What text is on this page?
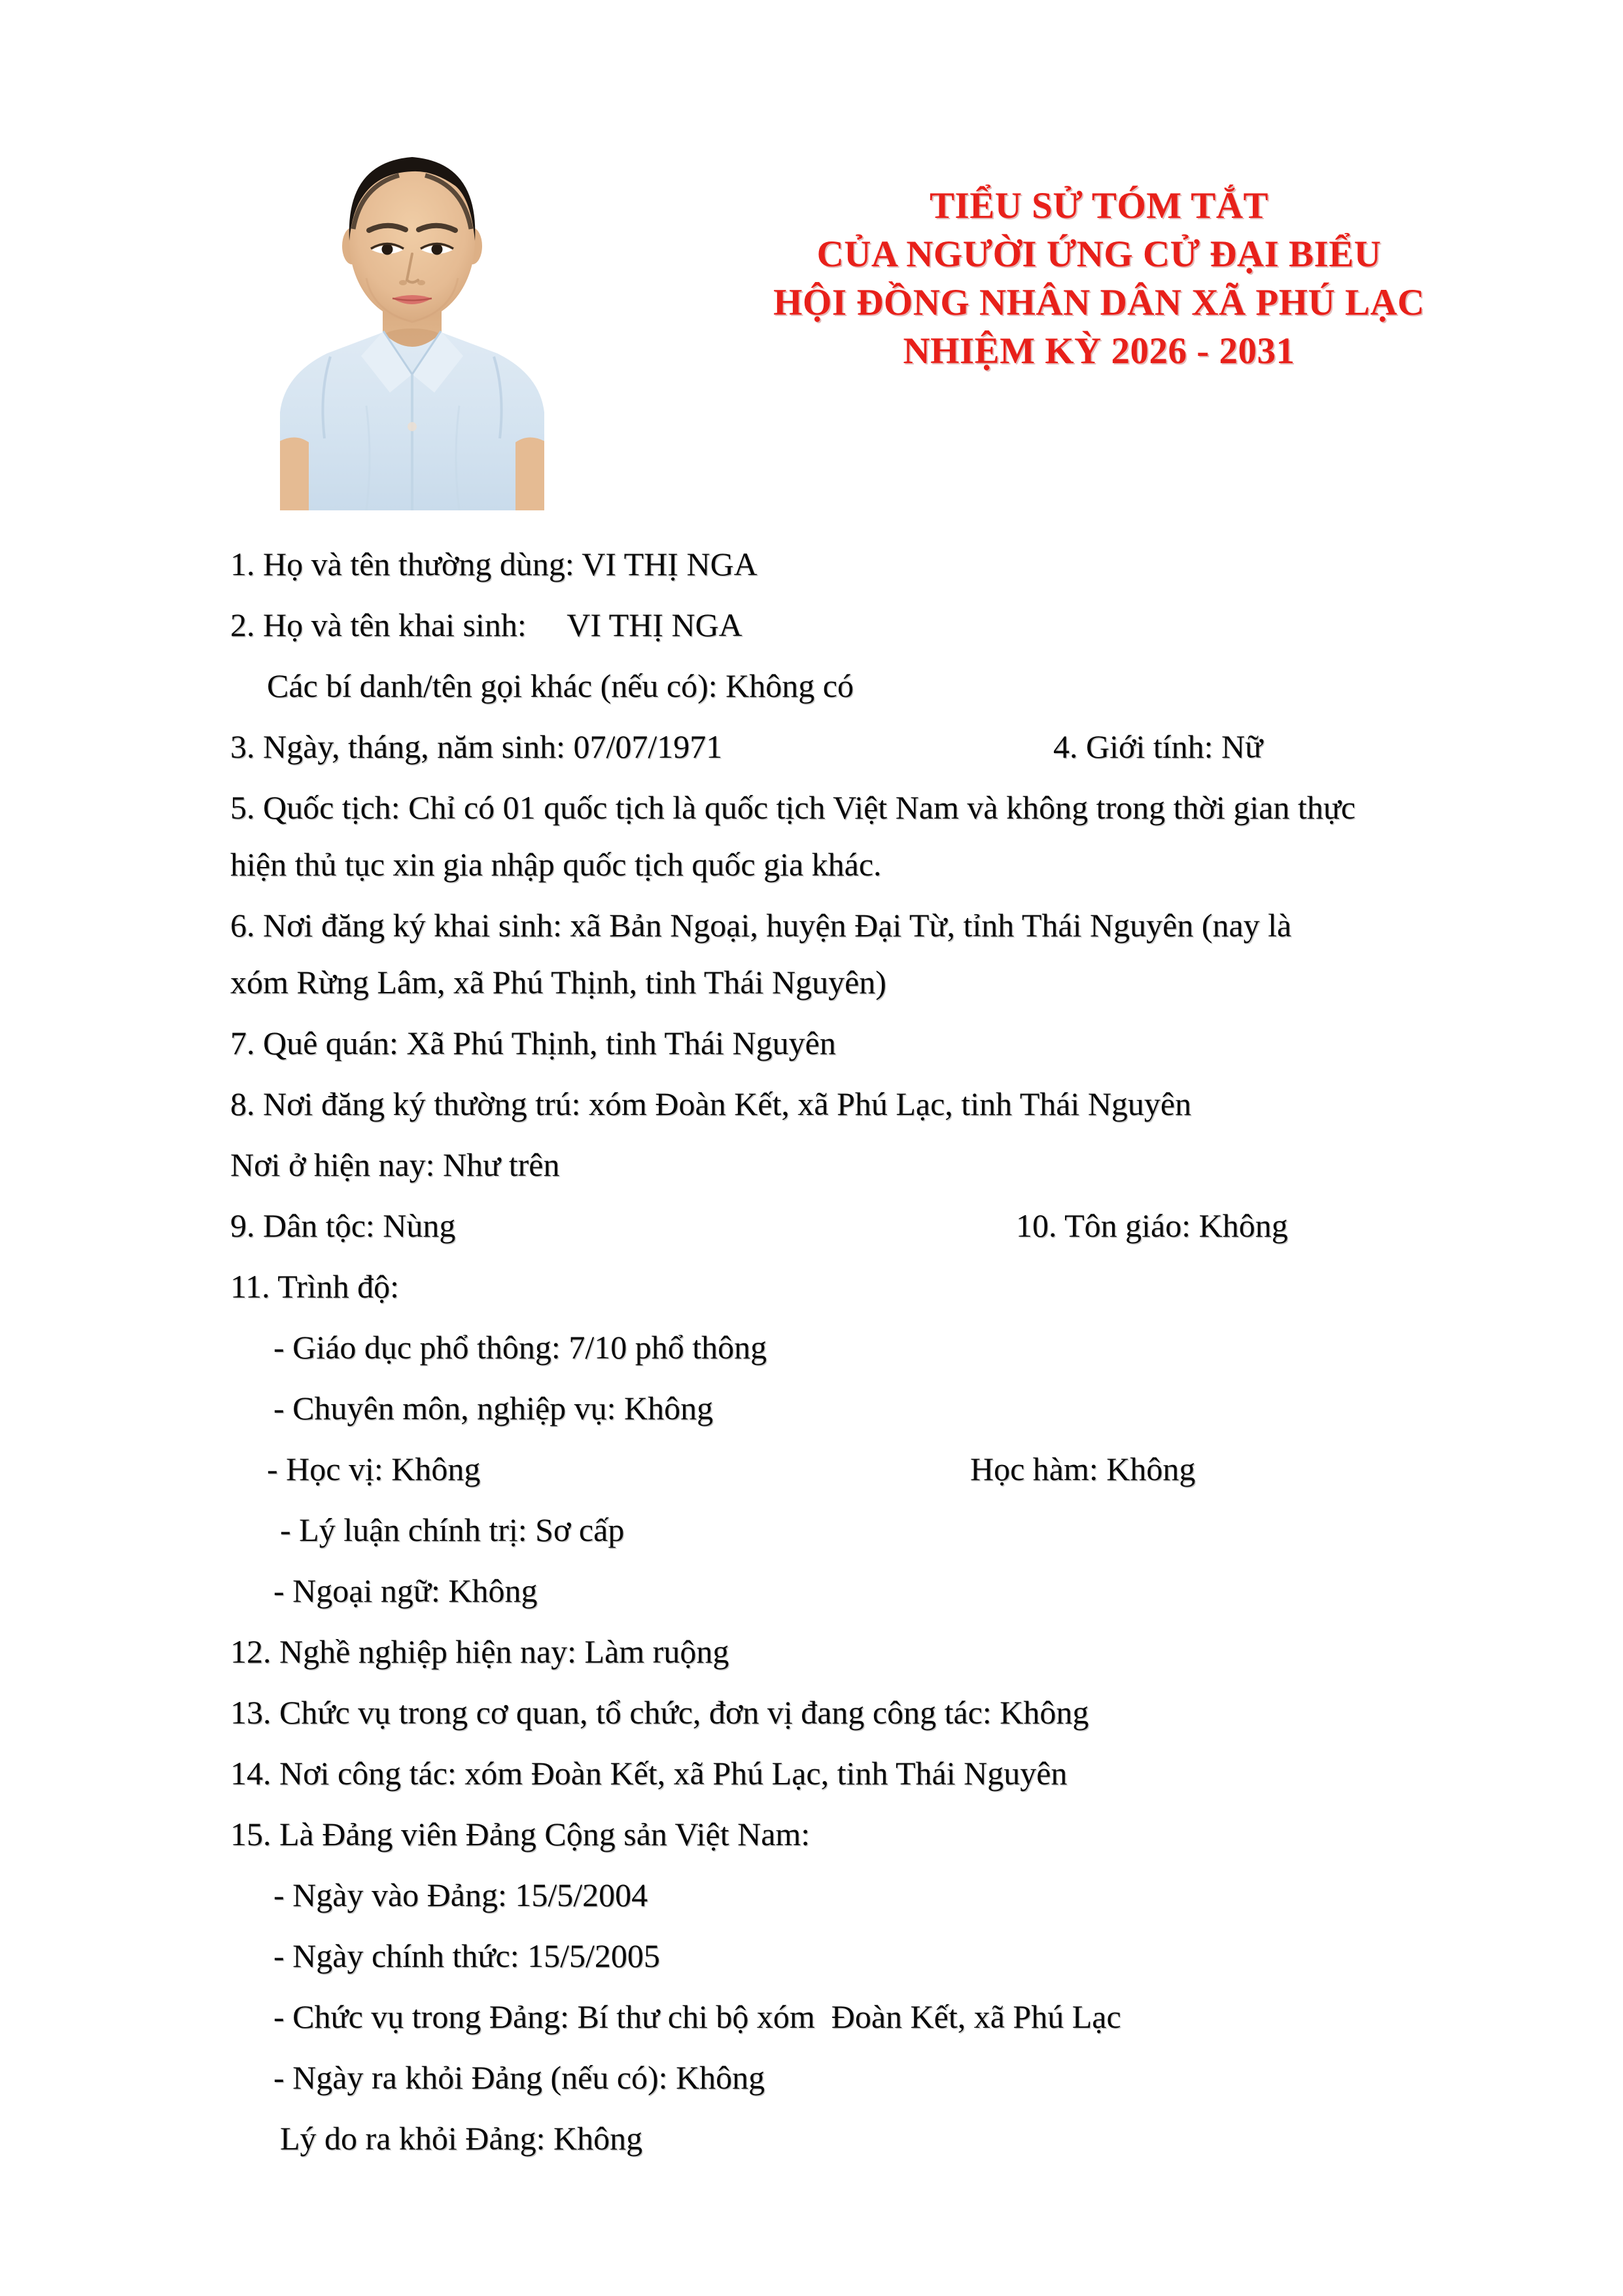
TIỂU SỬ TÓM TẮT
CỦA NGƯỜI ỨNG CỬ ĐẠI BIỂU
HỘI ĐỒNG NHÂN DÂN XÃ PHÚ LẠC
NHIỆM KỲ 2026 - 2031
1. Họ và tên thường dùng: VI THỊ NGA
2. Họ và tên khai sinh:     VI THỊ NGA
Các bí danh/tên gọi khác (nếu có): Không có
3. Ngày, tháng, năm sinh: 07/07/1971	4. Giới tính: Nữ
5. Quốc tịch: Chỉ có 01 quốc tịch là quốc tịch Việt Nam và không trong thời gian thực
hiện thủ tục xin gia nhập quốc tịch quốc gia khác.
6. Nơi đăng ký khai sinh: xã Bản Ngoại, huyện Đại Từ, tỉnh Thái Nguyên (nay là
xóm Rừng Lâm, xã Phú Thịnh, tinh Thái Nguyên)
7. Quê quán: Xã Phú Thịnh, tinh Thái Nguyên
8. Nơi đăng ký thường trú: xóm Đoàn Kết, xã Phú Lạc, tinh Thái Nguyên
Nơi ở hiện nay: Như trên
9. Dân tộc: Nùng	10. Tôn giáo: Không
11. Trình độ:
- Giáo dục phổ thông: 7/10 phổ thông
- Chuyên môn, nghiệp vụ: Không
- Học vị: Không	Học hàm: Không
- Lý luận chính trị: Sơ cấp
- Ngoại ngữ: Không
12. Nghề nghiệp hiện nay: Làm ruộng
13. Chức vụ trong cơ quan, tổ chức, đơn vị đang công tác: Không
14. Nơi công tác: xóm Đoàn Kết, xã Phú Lạc, tinh Thái Nguyên
15. Là Đảng viên Đảng Cộng sản Việt Nam:
- Ngày vào Đảng: 15/5/2004
- Ngày chính thức: 15/5/2005
- Chức vụ trong Đảng: Bí thư chi bộ xóm  Đoàn Kết, xã Phú Lạc
- Ngày ra khỏi Đảng (nếu có): Không
Lý do ra khỏi Đảng: Không
